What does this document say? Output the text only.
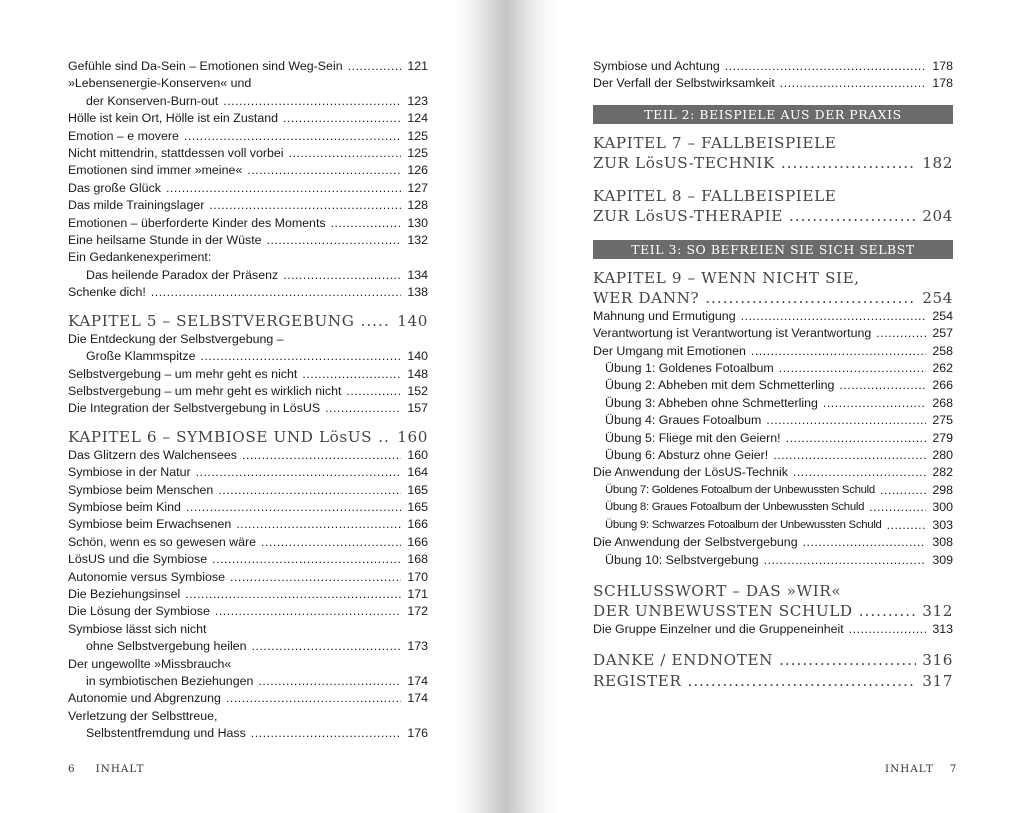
Gefühle sind Da-Sein – Emotionen sind Weg-Sein .....	121
»Lebensenergie-Konserven« und
der Konserven-Burn-out .....	123
Hölle ist kein Ort, Hölle ist ein Zustand .....	124
Emotion – e movere .....	125
Nicht mittendrin, stattdessen voll vorbei .....	125
Emotionen sind immer »meine« .....	126
Das große Glück .....	127
Das milde Trainingslager .....	128
Emotionen – überforderte Kinder des Moments .....	130
Eine heilsame Stunde in der Wüste .....	132
Ein Gedankenexperiment:
Das heilende Paradox der Präsenz .....	134
Schenke dich! .....	138
KAPITEL 5 – SELBSTVERGEBUNG .....	140
Die Entdeckung der Selbstvergebung –
Große Klammspitze .....	140
Selbstvergebung – um mehr geht es nicht .....	148
Selbstvergebung – um mehr geht es wirklich nicht .....	152
Die Integration der Selbstvergebung in LösUS .....	157
KAPITEL 6 – SYMBIOSE UND LösUS ..... 160
Das Glitzern des Walchensees .....	160
Symbiose in der Natur .....	164
Symbiose beim Menschen .....	165
Symbiose beim Kind .....	165
Symbiose beim Erwachsenen .....	166
Schön, wenn es so gewesen wäre .....	166
LösUS und die Symbiose .....	168
Autonomie versus Symbiose .....	170
Die Beziehungsinsel .....	171
Die Lösung der Symbiose .....	172
Symbiose lässt sich nicht
ohne Selbstvergebung heilen .....	173
Der ungewollte »Missbrauch«
in symbiotischen Beziehungen .....	174
Autonomie und Abgrenzung .....	174
Verletzung der Selbsttreue,
Selbstentfremdung und Hass .....	176
6 INHALT
Symbiose und Achtung .....	178
Der Verfall der Selbstwirksamkeit .....	178
TEIL 2: BEISPIELE AUS DER PRAXIS
KAPITEL 7 – FALLBEISPIELE
ZUR LösUS-TECHNIK .....	182
KAPITEL 8 – FALLBEISPIELE
ZUR LösUS-THERAPIE .....	204
TEIL 3: SO BEFREIEN SIE SICH SELBST
KAPITEL 9 – WENN NICHT SIE,
WER DANN? .....	254
Mahnung und Ermutigung .....	254
Verantwortung ist Verantwortung ist Verantwortung .....	257
Der Umgang mit Emotionen .....	258
Übung 1: Goldenes Fotoalbum .....	262
Übung 2: Abheben mit dem Schmetterling .....	266
Übung 3: Abheben ohne Schmetterling .....	268
Übung 4: Graues Fotoalbum .....	275
Übung 5: Fliege mit den Geiern! .....	279
Übung 6: Absturz ohne Geier! .....	280
Die Anwendung der LösUS-Technik .....	282
Übung 7: Goldenes Fotoalbum der Unbewussten Schuld .....	298
Übung 8: Graues Fotoalbum der Unbewussten Schuld .....	300
Übung 9: Schwarzes Fotoalbum der Unbewussten Schuld .....	303
Die Anwendung der Selbstvergebung .....	308
Übung 10: Selbstvergebung .....	309
SCHLUSSWORT – DAS »WIR«
DER UNBEWUSSTEN SCHULD .....	312
Die Gruppe Einzelner und die Gruppeneinheit .....	313
DANKE / ENDNOTEN .....	316
REGISTER .....	317
INHALT 7
